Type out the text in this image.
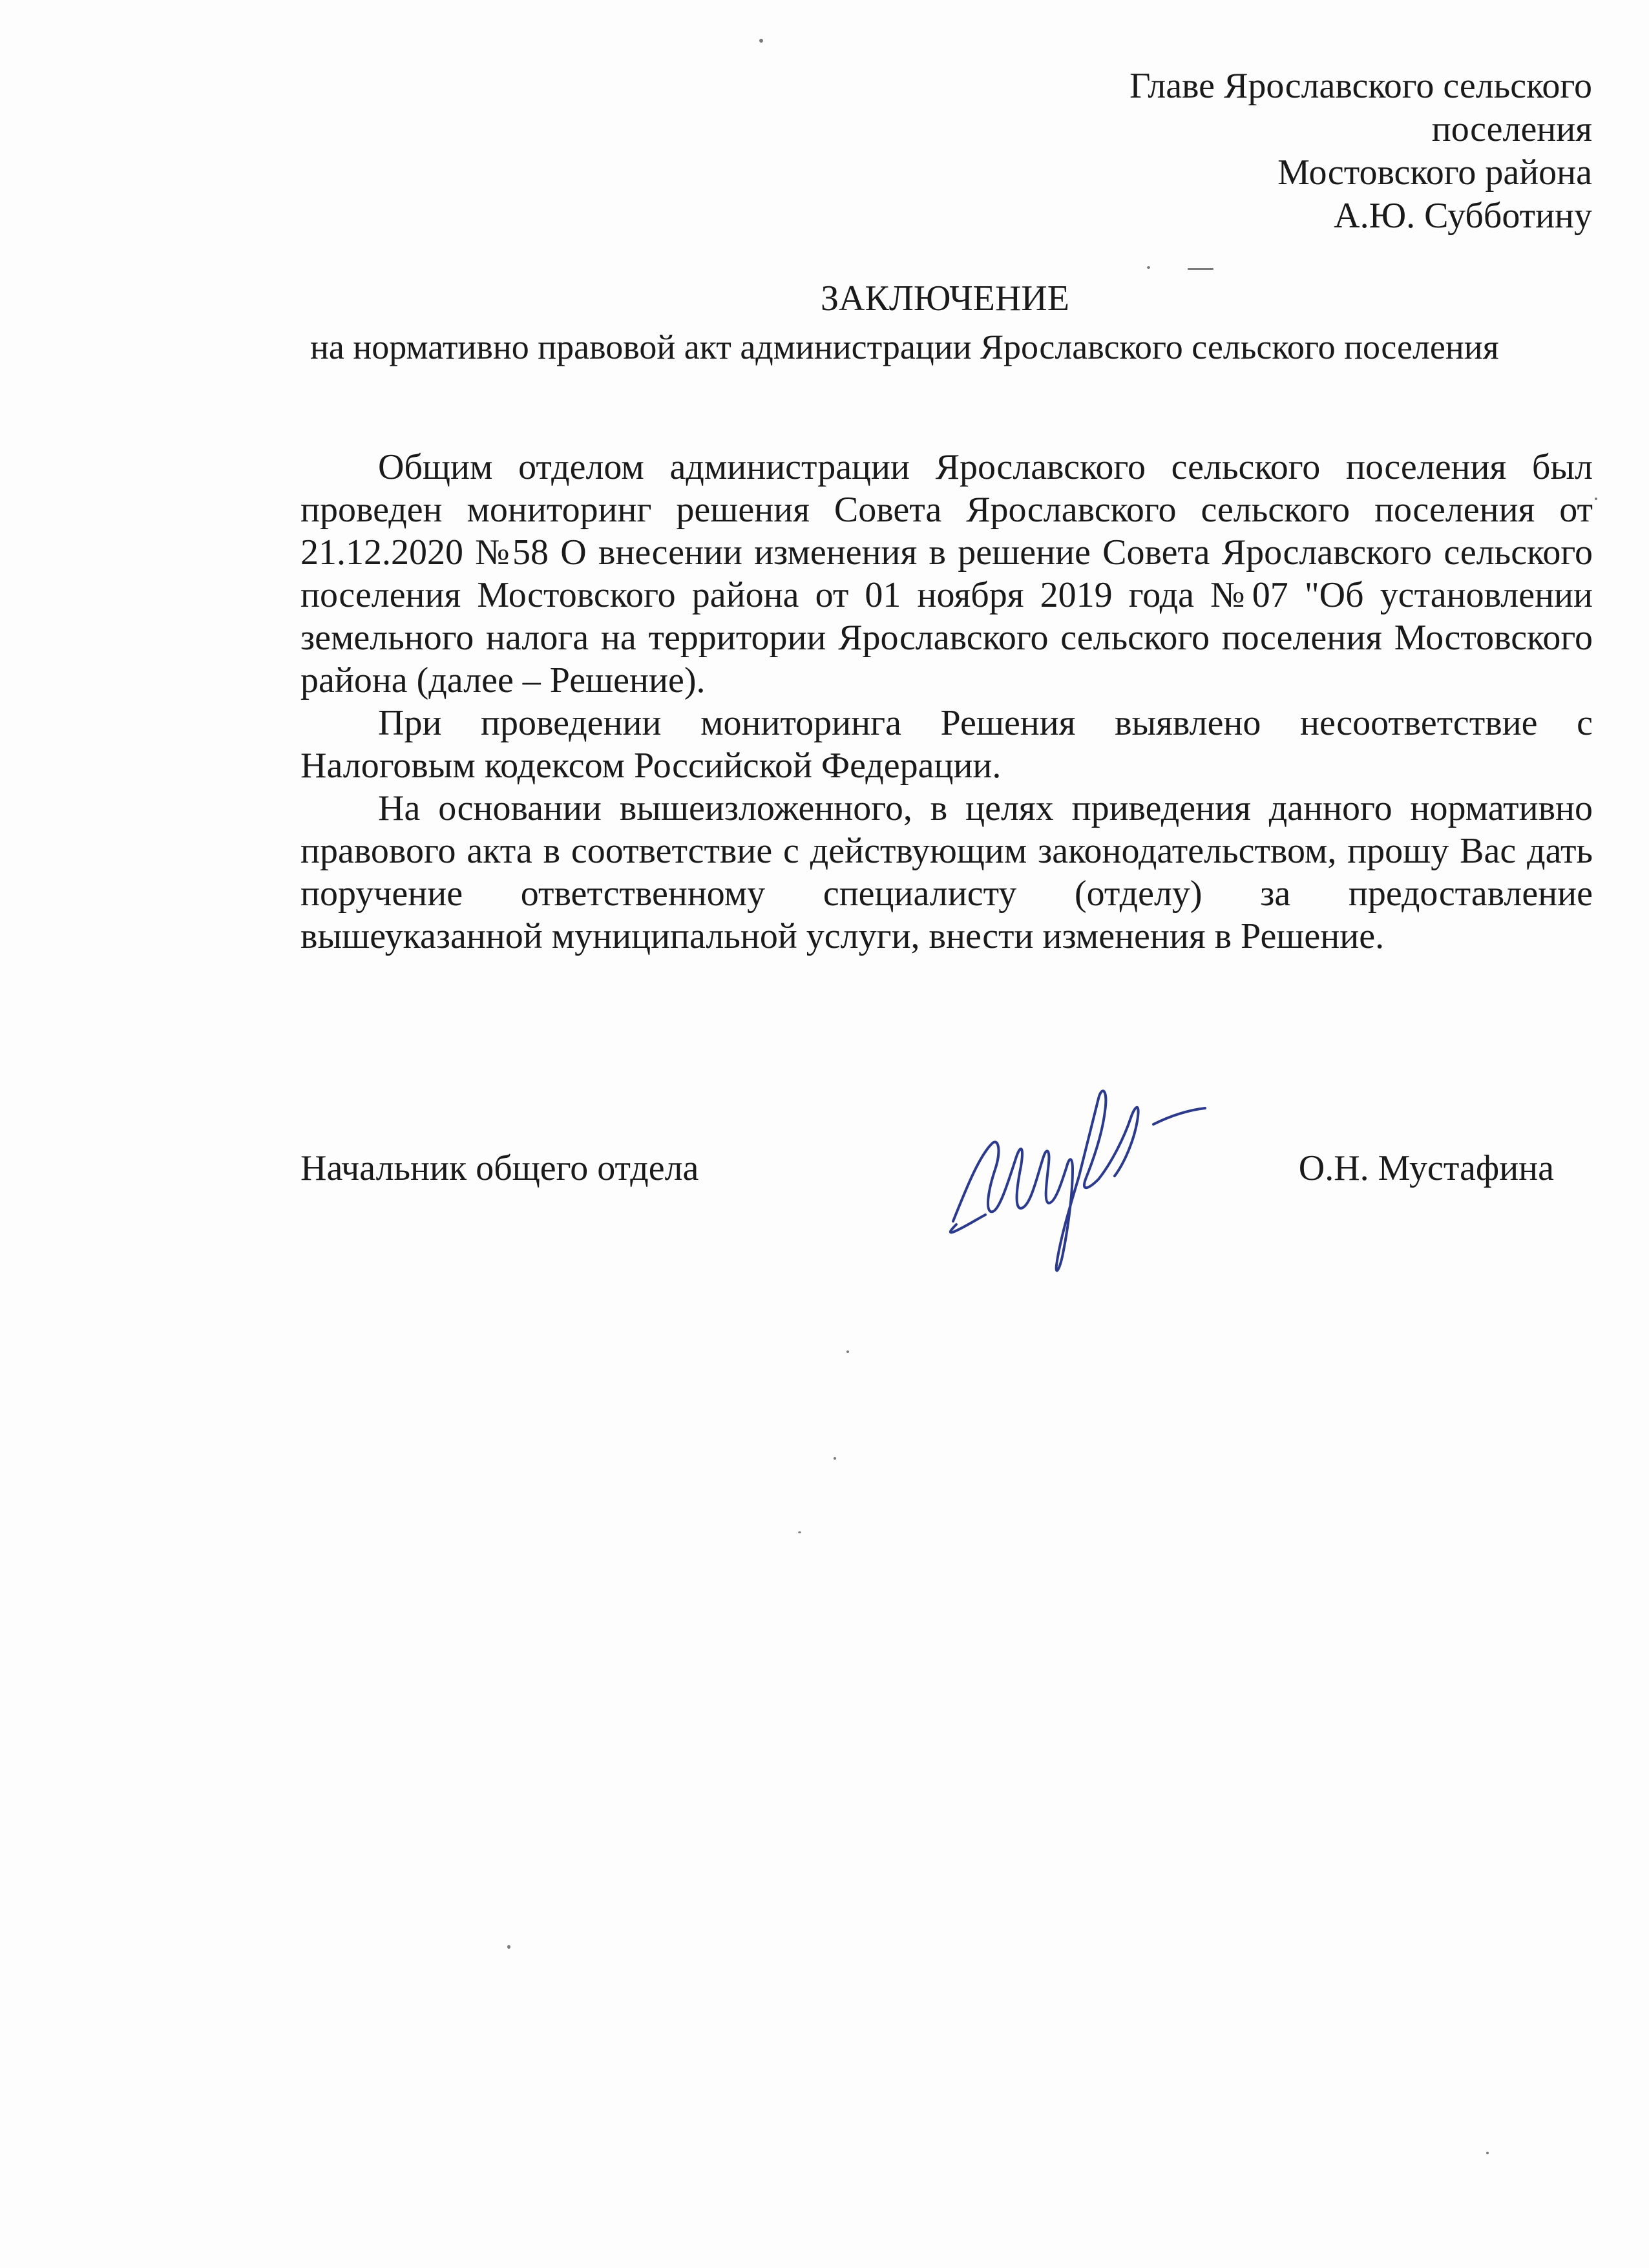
Главе Ярославского сельского
поселения
Мостовского района
А.Ю. Субботину
ЗАКЛЮЧЕНИЕ
на нормативно правовой акт администрации Ярославского сельского поселения

Общим отделом администрации Ярославского сельского поселения был проведен мониторинг решения Совета Ярославского сельского поселения от 21.12.2020 №58 О внесении изменения в решение Совета Ярославского сельского поселения Мостовского района от 01 ноября 2019 года №07 "Об установлении земельного налога на территории Ярославского сельского поселения Мостовского района (далее – Решение).

При проведении мониторинга Решения выявлено несоответствие с Налоговым кодексом Российской Федерации.

На основании вышеизложенного, в целях приведения данного нормативно правового акта в соответствие с действующим законодательством, прошу Вас дать поручение ответственному специалисту (отделу) за предоставление вышеуказанной муниципальной услуги, внести изменения в Решение.

Начальник общего отдела	О.Н. Мустафина
